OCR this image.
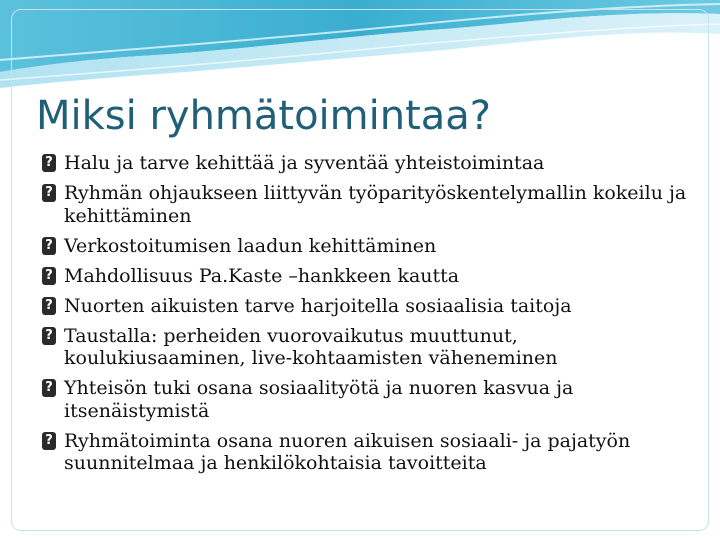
Miksi ryhmätoimintaa?
?
Halu ja tarve kehittää ja syventää yhteistoimintaa
?
Ryhmän ohjaukseen liittyvän työparityöskentelymallin kokeilu ja kehittäminen
?
Verkostoitumisen laadun kehittäminen
?
Mahdollisuus Pa.Kaste –hankkeen kautta
?
Nuorten aikuisten tarve harjoitella sosiaalisia taitoja
?
Taustalla: perheiden vuorovaikutus muuttunut, koulukiusaaminen, live-kohtaamisten väheneminen
?
Yhteisön tuki osana sosiaalityötä ja nuoren kasvua ja itsenäistymistä
?
Ryhmätoiminta osana nuoren aikuisen sosiaali- ja pajatyön suunnitelmaa ja henkilökohtaisia tavoitteita
